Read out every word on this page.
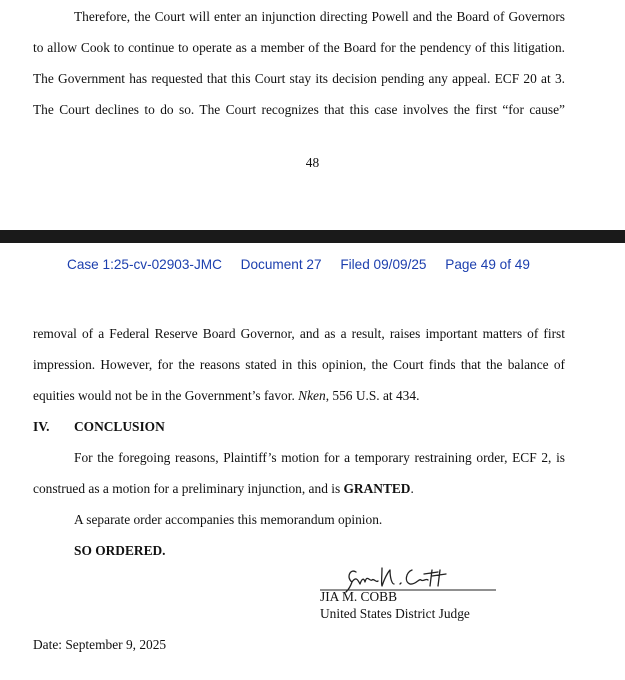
Therefore, the Court will enter an injunction directing Powell and the Board of Governors

to allow Cook to continue to operate as a member of the Board for the pendency of this litigation.

The Government has requested that this Court stay its decision pending any appeal. ECF 20 at 3.

The Court declines to do so. The Court recognizes that this case involves the first “for cause”

48
Case 1:25-cv-02903-JMC Document 27 Filed 09/09/25 Page 49 of 49

removal of a Federal Reserve Board Governor, and as a result, raises important matters of first

impression. However, for the reasons stated in this opinion, the Court finds that the balance of

equities would not be in the Government’s favor. Nken, 556 U.S. at 434.

IV. CONCLUSION

For the foregoing reasons, Plaintiff’s motion for a temporary restraining order, ECF 2, is

construed as a motion for a preliminary injunction, and is GRANTED.

A separate order accompanies this memorandum opinion.

SO ORDERED.
JIA M. COBB
United States District Judge
Date: September 9, 2025
